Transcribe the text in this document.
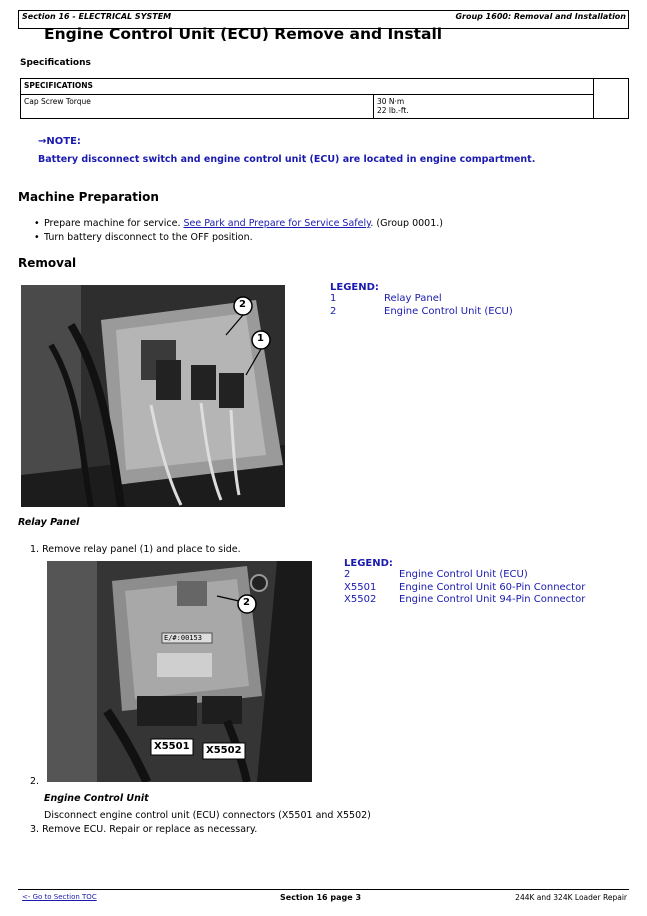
Section 16 - ELECTRICAL SYSTEM	Group 1600: Removal and Installation
Engine Control Unit (ECU) Remove and Install
Specifications
SPECIFICATIONS		
Cap Screw Torque	30 N·m
22 lb.-ft.	
→NOTE:
Battery disconnect switch and engine control unit (ECU) are located in engine compartment.
Machine Preparation
• Prepare machine for service. See Park and Prepare for Service Safely. (Group 0001.)
• Turn battery disconnect to the OFF position.
Removal
2
1
LEGEND:
1	Relay Panel
2	Engine Control Unit (ECU)
Relay Panel
1. Remove relay panel (1) and place to side.
2
E/#:00153
X5501 X5502
LEGEND:
2	Engine Control Unit (ECU)
X5501	Engine Control Unit 60-Pin Connector
X5502	Engine Control Unit 94-Pin Connector
2.
Engine Control Unit
Disconnect engine control unit (ECU) connectors (X5501 and X5502)
3. Remove ECU. Repair or replace as necessary.
<- Go to Section TOC	Section 16 page 3	244K and 324K Loader Repair
